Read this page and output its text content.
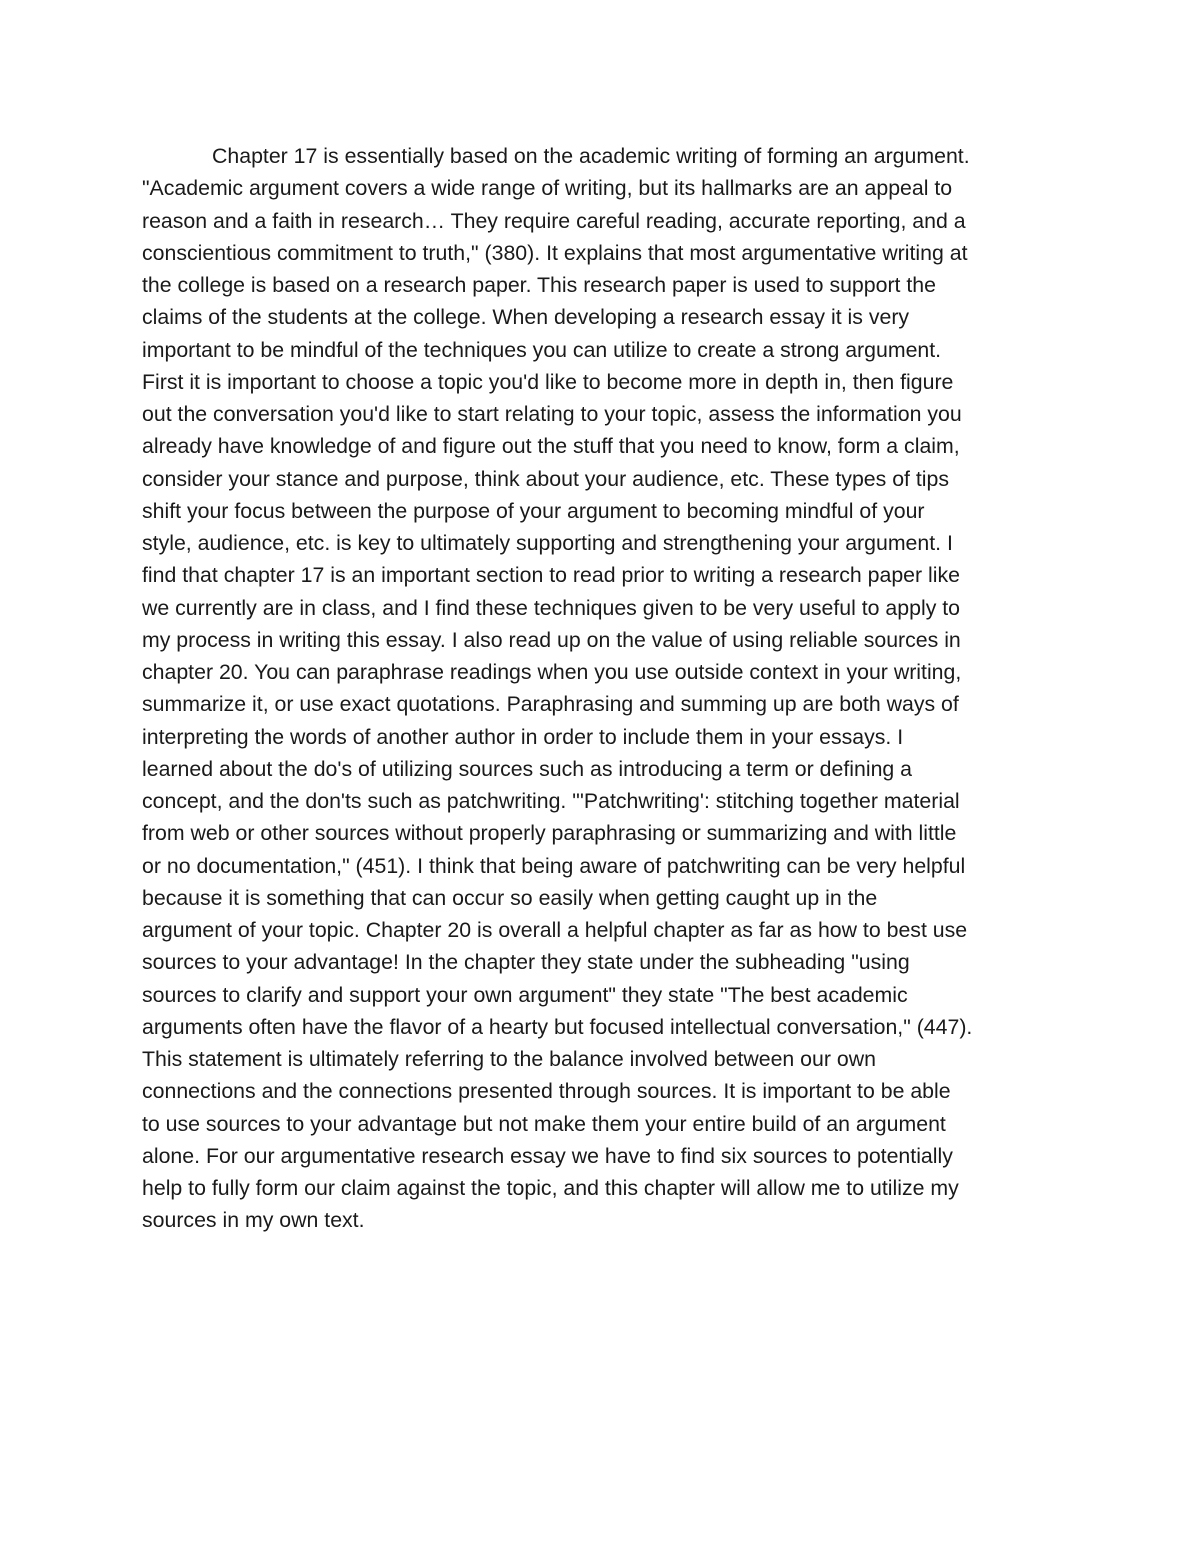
Chapter 17 is essentially based on the academic writing of forming an argument.
"Academic argument covers a wide range of writing, but its hallmarks are an appeal to
reason and a faith in research… They require careful reading, accurate reporting, and a
conscientious commitment to truth," (380). It explains that most argumentative writing at
the college is based on a research paper. This research paper is used to support the
claims of the students at the college. When developing a research essay it is very
important to be mindful of the techniques you can utilize to create a strong argument.
First it is important to choose a topic you'd like to become more in depth in, then figure
out the conversation you'd like to start relating to your topic, assess the information you
already have knowledge of and figure out the stuff that you need to know, form a claim,
consider your stance and purpose, think about your audience, etc. These types of tips
shift your focus between the purpose of your argument to becoming mindful of your
style, audience, etc. is key to ultimately supporting and strengthening your argument. I
find that chapter 17 is an important section to read prior to writing a research paper like
we currently are in class, and I find these techniques given to be very useful to apply to
my process in writing this essay. I also read up on the value of using reliable sources in
chapter 20. You can paraphrase readings when you use outside context in your writing,
summarize it, or use exact quotations. Paraphrasing and summing up are both ways of
interpreting the words of another author in order to include them in your essays. I
learned about the do's of utilizing sources such as introducing a term or defining a
concept, and the don'ts such as patchwriting. "'Patchwriting': stitching together material
from web or other sources without properly paraphrasing or summarizing and with little
or no documentation," (451). I think that being aware of patchwriting can be very helpful
because it is something that can occur so easily when getting caught up in the
argument of your topic. Chapter 20 is overall a helpful chapter as far as how to best use
sources to your advantage! In the chapter they state under the subheading "using
sources to clarify and support your own argument" they state "The best academic
arguments often have the flavor of a hearty but focused intellectual conversation," (447).
This statement is ultimately referring to the balance involved between our own
connections and the connections presented through sources. It is important to be able
to use sources to your advantage but not make them your entire build of an argument
alone. For our argumentative research essay we have to find six sources to potentially
help to fully form our claim against the topic, and this chapter will allow me to utilize my
sources in my own text.
